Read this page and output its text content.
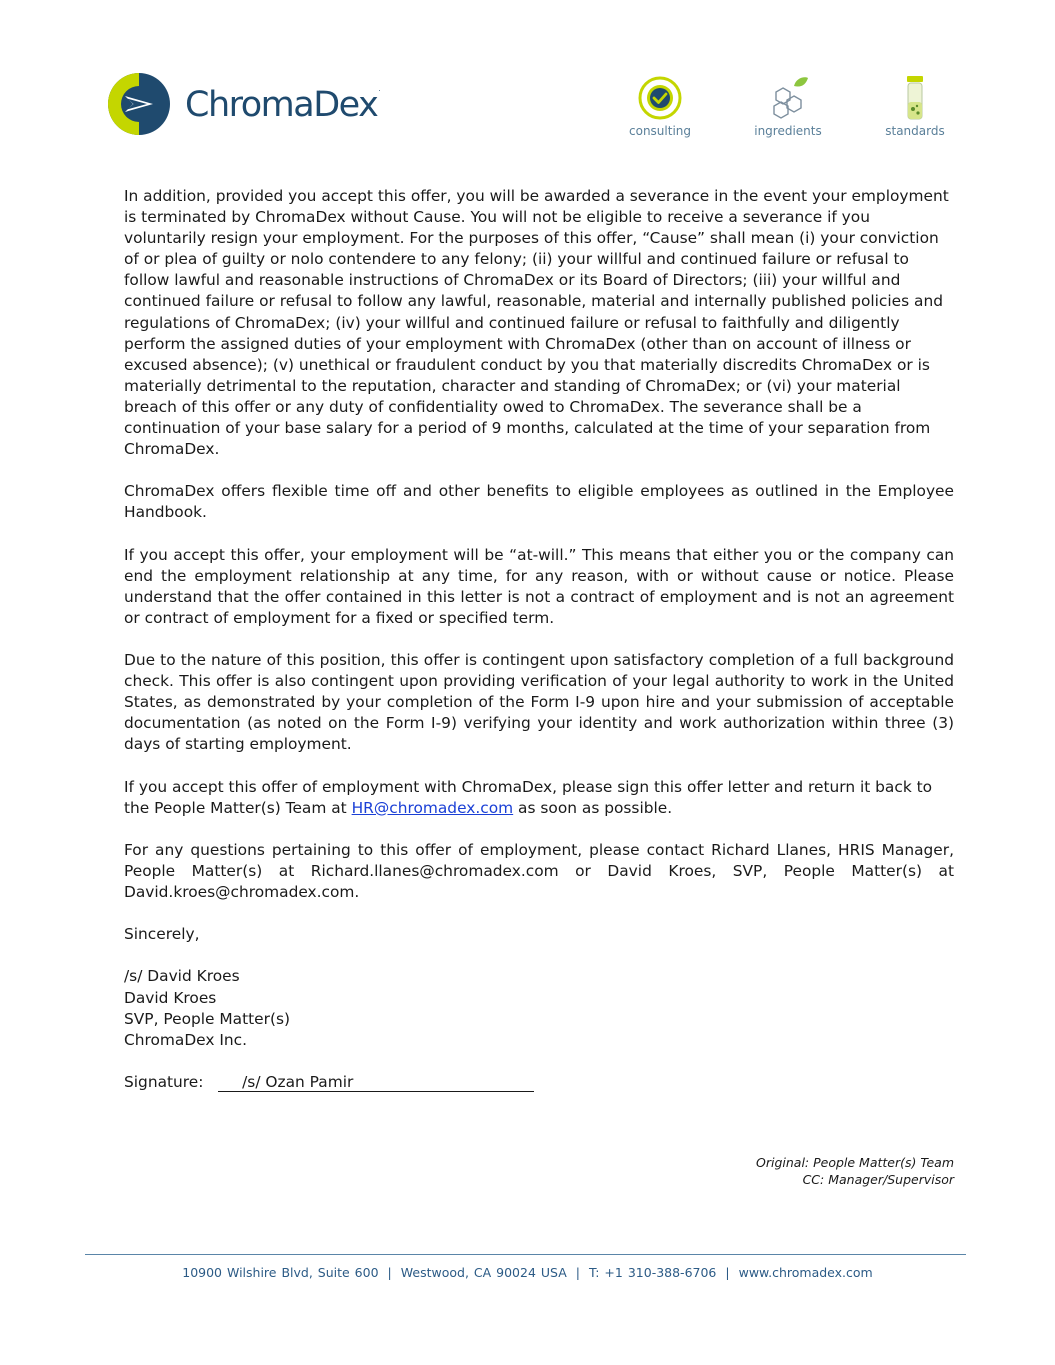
ChromaDex.
consulting	ingredients	standards

In addition, provided you accept this offer, you will be awarded a severance in the event your employment is terminated by ChromaDex without Cause. You will not be eligible to receive a severance if you voluntarily resign your employment. For the purposes of this offer, “Cause” shall mean (i) your conviction of or plea of guilty or nolo contendere to any felony; (ii) your willful and continued failure or refusal to follow lawful and reasonable instructions of ChromaDex or its Board of Directors; (iii) your willful and continued failure or refusal to follow any lawful, reasonable, material and internally published policies and regulations of ChromaDex; (iv) your willful and continued failure or refusal to faithfully and diligently perform the assigned duties of your employment with ChromaDex (other than on account of illness or excused absence); (v) unethical or fraudulent conduct by you that materially discredits ChromaDex or is materially detrimental to the reputation, character and standing of ChromaDex; or (vi) your material breach of this offer or any duty of confidentiality owed to ChromaDex. The severance shall be a continuation of your base salary for a period of 9 months, calculated at the time of your separation from ChromaDex.

ChromaDex offers flexible time off and other benefits to eligible employees as outlined in the Employee Handbook.

If you accept this offer, your employment will be “at-will.” This means that either you or the company can end the employment relationship at any time, for any reason, with or without cause or notice. Please understand that the offer contained in this letter is not a contract of employment and is not an agreement or contract of employment for a fixed or specified term.

Due to the nature of this position, this offer is contingent upon satisfactory completion of a full background check. This offer is also contingent upon providing verification of your legal authority to work in the United States, as demonstrated by your completion of the Form I-9 upon hire and your submission of acceptable documentation (as noted on the Form I-9) verifying your identity and work authorization within three (3) days of starting employment.

If you accept this offer of employment with ChromaDex, please sign this offer letter and return it back to the People Matter(s) Team at HR@chromadex.com as soon as possible.

For any questions pertaining to this offer of employment, please contact Richard Llanes, HRIS Manager, People Matter(s) at Richard.llanes@chromadex.com or David Kroes, SVP, People Matter(s) at David.kroes@chromadex.com.

Sincerely,

/s/ David Kroes

David Kroes

SVP, People Matter(s)

ChromaDex Inc.

Signature:	/s/ Ozan Pamir

Original: People Matter(s) Team
CC: Manager/Supervisor
10900 Wilshire Blvd, Suite 600 | Westwood, CA 90024 USA | T: +1 310-388-6706 | www.chromadex.com
